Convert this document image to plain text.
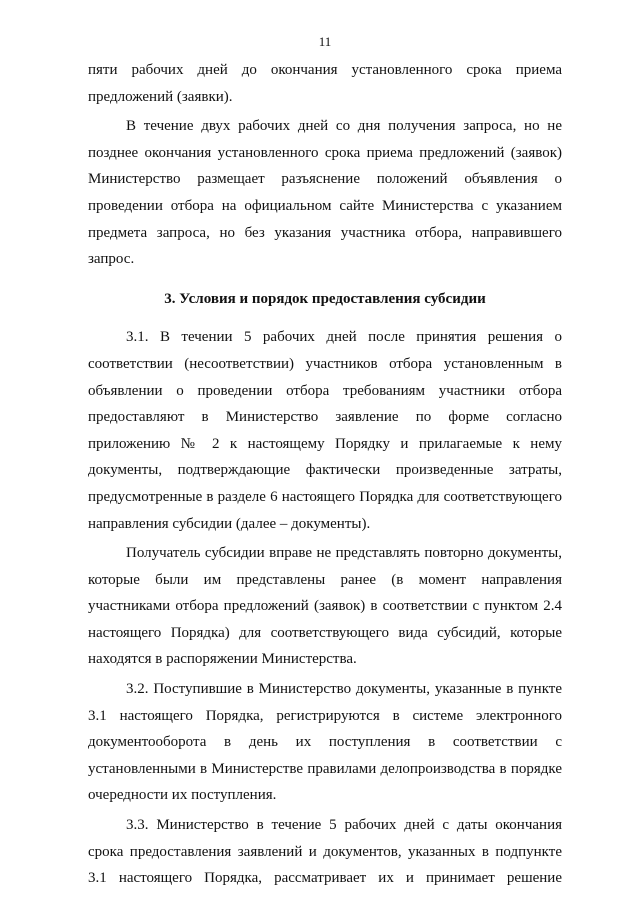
11

пяти рабочих дней до окончания установленного срока приема предложений (заявки).

В течение двух рабочих дней со дня получения запроса, но не позднее окончания установленного срока приема предложений (заявок) Министерство размещает разъяснение положений объявления о проведении отбора на официальном сайте Министерства с указанием предмета запроса, но без указания участника отбора, направившего запрос.

3. Условия и порядок предоставления субсидии

3.1. В течении 5 рабочих дней после принятия решения о соответствии (несоответствии) участников отбора установленным в объявлении о проведении отбора требованиям участники отбора предоставляют в Министерство заявление по форме согласно приложению № 2 к настоящему Порядку и прилагаемые к нему документы, подтверждающие фактически произведенные затраты, предусмотренные в разделе 6 настоящего Порядка для соответствующего направления субсидии (далее – документы).

Получатель субсидии вправе не представлять повторно документы, которые были им представлены ранее (в момент направления участниками отбора предложений (заявок) в соответствии с пунктом 2.4 настоящего Порядка) для соответствующего вида субсидий, которые находятся в распоряжении Министерства.

3.2. Поступившие в Министерство документы, указанные в пункте 3.1 настоящего Порядка, регистрируются в системе электронного документооборота в день их поступления в соответствии с установленными в Министерстве правилами делопроизводства в порядке очередности их поступления.

3.3. Министерство в течение 5 рабочих дней с даты окончания срока предоставления заявлений и документов, указанных в подпункте 3.1 настоящего Порядка, рассматривает их и принимает решение
